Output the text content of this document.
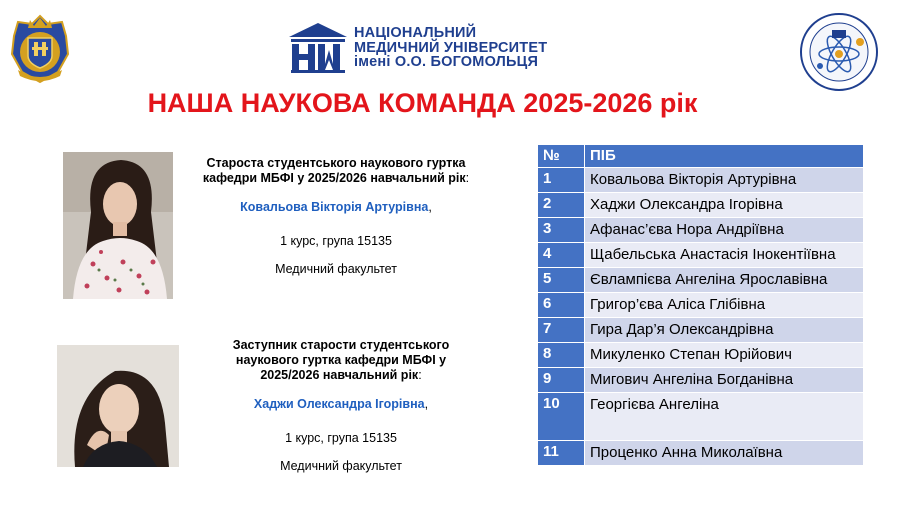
НАЦІОНАЛЬНИЙ
МЕДИЧНИЙ УНІВЕРСИТЕТ
імені О.О. БОГОМОЛЬЦЯ
НАША НАУКОВА КОМАНДА 2025-2026 рік
Староста студентського наукового гуртка кафедри МБФІ у 2025/2026 навчальний рік:
Ковальова Вікторія Артурівна,
1 курс, група 15135
Медичний факультет
Заступник старости студентського наукового гуртка кафедри МБФІ у 2025/2026 навчальний рік:
Хаджи Олександра Ігорівна,
1 курс, група 15135
Медичний факультет
№	ПІБ
1	Ковальова Вікторія Артурівна
2	Хаджи Олександра Ігорівна
3	Афанас’єва Нора Андріївна
4	Щабельська Анастасія Інокентіївна
5	Євлампієва Ангеліна Ярославівна
6	Григор’єва Аліса Глібівна
7	Гира Дар’я Олександрівна
8	Микуленко Степан Юрійович
9	Мигович Ангеліна Богданівна
10	Георгієва Ангеліна
11	Проценко Анна Миколаївна
